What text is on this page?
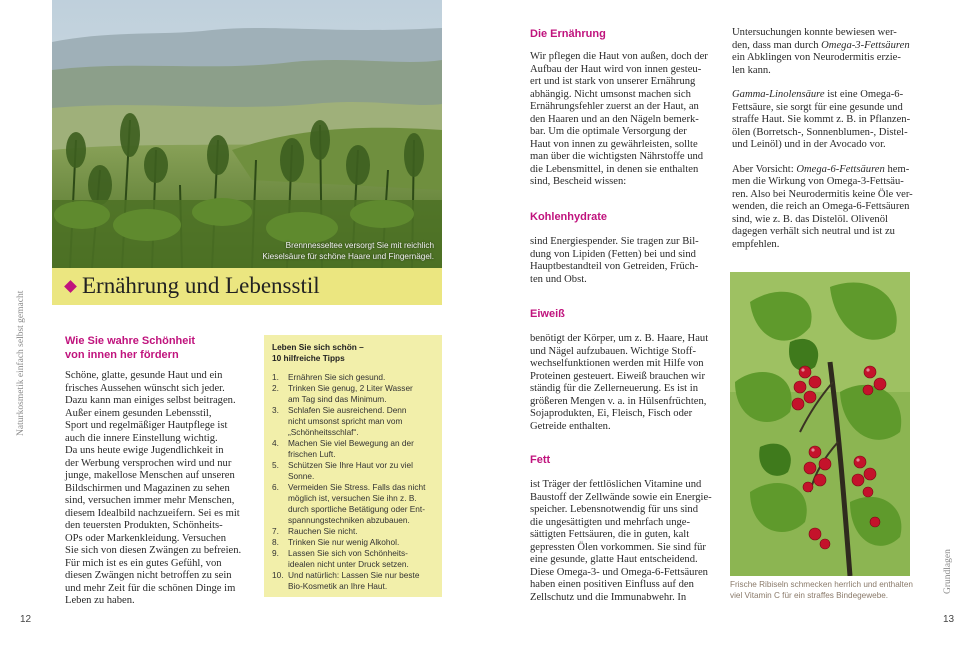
Brennnesseltee versorgt Sie mit reichlich
Kieselsäure für schöne Haare und Fingernägel.
Ernährung und Lebensstil
Wie Sie wahre Schönheit
von innen her fördern
Schöne, glatte, gesunde Haut und ein
frisches Aussehen wünscht sich jeder.
Dazu kann man einiges selbst beitragen.
Außer einem gesunden Lebensstil,
Sport und regelmäßiger Hautpflege ist
auch die innere Einstellung wichtig.
Da uns heute ewige Jugendlichkeit in
der Werbung versprochen wird und nur
junge, makellose Menschen auf unseren
Bildschirmen und Magazinen zu sehen
sind, versuchen immer mehr Menschen,
diesem Idealbild nachzueifern. Sei es mit
den teuersten Produkten, Schönheits-
OPs oder Markenkleidung. Versuchen
Sie sich von diesen Zwängen zu befreien.
Für mich ist es ein gutes Gefühl, von
diesen Zwängen nicht betroffen zu sein
und mehr Zeit für die schönen Dinge im
Leben zu haben.
Leben Sie sich schön –
10 hilfreiche Tipps
1.	Ernähren Sie sich gesund.
2.	Trinken Sie genug, 2 Liter Wasser
am Tag sind das Minimum.
3.	Schlafen Sie ausreichend. Denn
nicht umsonst spricht man vom
„Schönheitsschlaf“.
4.	Machen Sie viel Bewegung an der
frischen Luft.
5.	Schützen Sie Ihre Haut vor zu viel
Sonne.
6.	Vermeiden Sie Stress. Falls das nicht
möglich ist, versuchen Sie ihn z. B.
durch sportliche Betätigung oder Ent-
spannungstechniken abzubauen.
7.	Rauchen Sie nicht.
8.	Trinken Sie nur wenig Alkohol.
9.	Lassen Sie sich von Schönheits-
idealen nicht unter Druck setzen.
10. Und natürlich: Lassen Sie nur beste
Bio-Kosmetik an Ihre Haut.
Naturkosmetik einfach selbst gemacht
12
Die Ernährung
Wir pflegen die Haut von außen, doch der
Aufbau der Haut wird von innen gesteu-
ert und ist stark von unserer Ernährung
abhängig. Nicht umsonst machen sich
Ernährungsfehler zuerst an der Haut, an
den Haaren und an den Nägeln bemerk-
bar. Um die optimale Versorgung der
Haut von innen zu gewährleisten, sollte
man über die wichtigsten Nährstoffe und
die Lebensmittel, in denen sie enthalten
sind, Bescheid wissen:
Kohlenhydrate
sind Energiespender. Sie tragen zur Bil-
dung von Lipiden (Fetten) bei und sind
Hauptbestandteil von Getreiden, Früch-
ten und Obst.
Eiweiß
benötigt der Körper, um z. B. Haare, Haut
und Nägel aufzubauen. Wichtige Stoff-
wechselfunktionen werden mit Hilfe von
Proteinen gesteuert. Eiweiß brauchen wir
ständig für die Zellerneuerung. Es ist in
größeren Mengen v. a. in Hülsenfrüchten,
Sojaprodukten, Ei, Fleisch, Fisch oder
Getreide enthalten.
Fett
ist Träger der fettlöslichen Vitamine und
Baustoff der Zellwände sowie ein Energie-
speicher. Lebensnotwendig für uns sind
die ungesättigten und mehrfach unge-
sättigten Fettsäuren, die in guten, kalt
gepressten Ölen vorkommen. Sie sind für
eine gesunde, glatte Haut entscheidend.
Diese Omega-3- und Omega-6-Fettsäuren
haben einen positiven Einfluss auf den
Zellschutz und die Immunabwehr. In
Untersuchungen konnte bewiesen wer-
den, dass man durch Omega-3-Fettsäuren
ein Abklingen von Neurodermitis erzie-
len kann.
Gamma-Linolensäure ist eine Omega-6-
Fettsäure, sie sorgt für eine gesunde und
straffe Haut. Sie kommt z. B. in Pflanzen-
ölen (Borretsch-, Sonnenblumen-, Distel-
und Leinöl) und in der Avocado vor.
Aber Vorsicht: Omega-6-Fettsäuren hem-
men die Wirkung von Omega-3-Fettsäu-
ren. Also bei Neurodermitis keine Öle ver-
wenden, die reich an Omega-6-Fettsäuren
sind, wie z. B. das Distelöl. Olivenöl
dagegen verhält sich neutral und ist zu
empfehlen.
Frische Ribiseln schmecken herrlich und enthalten
viel Vitamin C für ein straffes Bindegewebe.
Grundlagen
13
